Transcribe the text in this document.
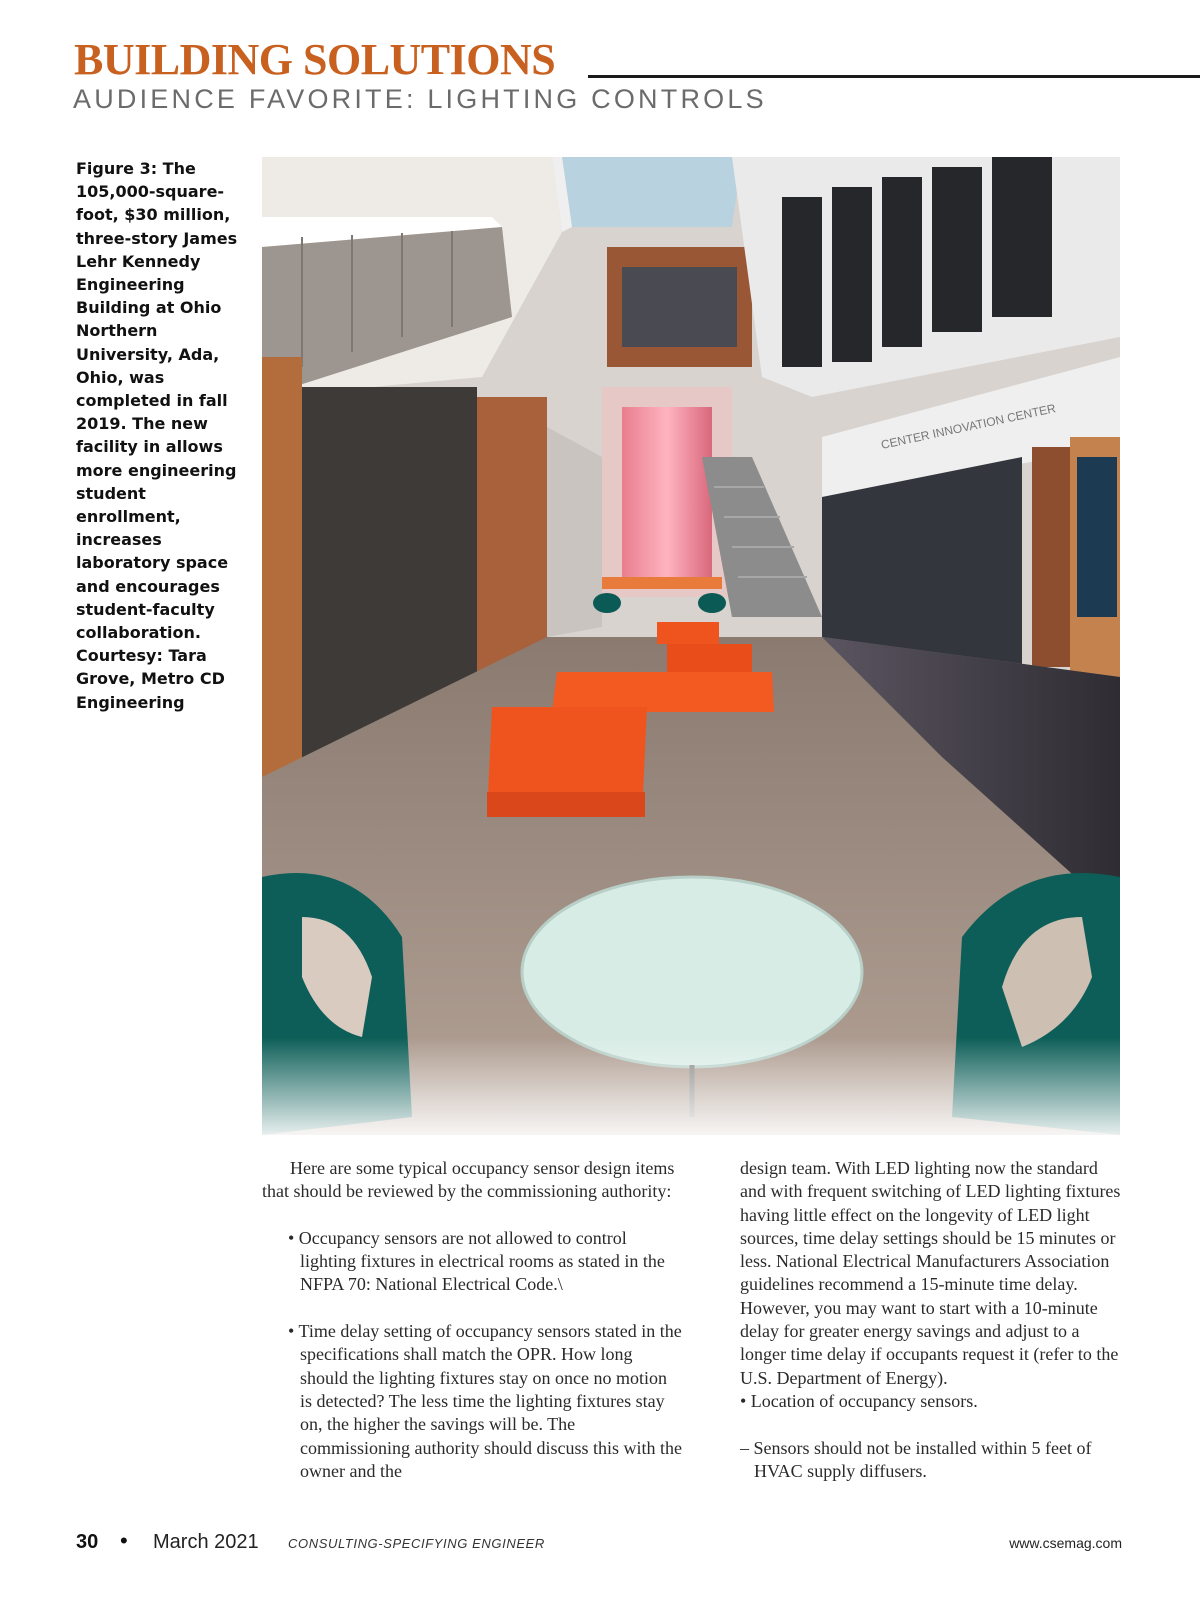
BUILDING SOLUTIONS
AUDIENCE FAVORITE: LIGHTING CONTROLS
Figure 3: The 105,000-square-foot, $30 million, three-story James Lehr Kennedy Engineering Building at Ohio Northern University, Ada, Ohio, was completed in fall 2019. The new facility in allows more engineering student enrollment, increases laboratory space and encourages student-faculty collaboration. Courtesy: Tara Grove, Metro CD Engineering

Here are some typical occupancy sensor design items that should be reviewed by the commissioning authority:

• Occupancy sensors are not allowed to control lighting fixtures in electrical rooms as stated in the NFPA 70: National Electrical Code.\

• Time delay setting of occupancy sensors stated in the specifications shall match the OPR. How long should the lighting fixtures stay on once no motion is detected? The less time the lighting fixtures stay on, the higher the savings will be. The commissioning authority should discuss this with the owner and the

design team. With LED lighting now the standard and with frequent switching of LED lighting fixtures having little effect on the longevity of LED light sources, time delay settings should be 15 minutes or less. National Electrical Manufacturers Association guidelines recommend a 15-minute time delay. However, you may want to start with a 10-minute delay for greater energy savings and adjust to a longer time delay if occupants request it (refer to the U.S. Department of Energy).

• Location of occupancy sensors.

– Sensors should not be installed within 5 feet of HVAC supply diffusers.

30 • March 2021 CONSULTING-SPECIFYING ENGINEER	www.csemag.com
